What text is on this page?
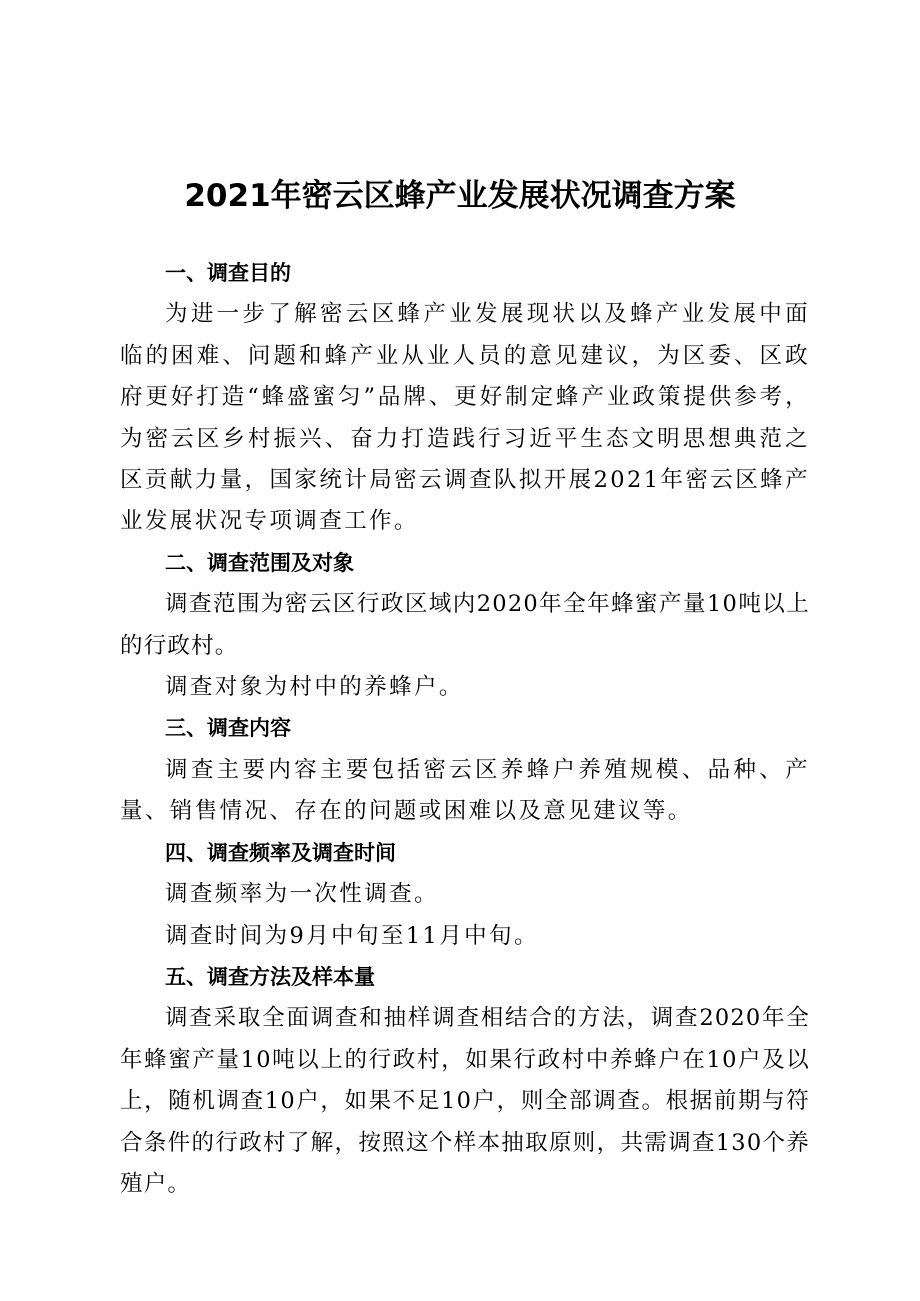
2021年密云区蜂产业发展状况调查方案
一、调查目的

为进一步了解密云区蜂产业发展现状以及蜂产业发展中面临的困难、问题和蜂产业从业人员的意见建议，为区委、区政府更好打造“蜂盛蜜匀”品牌、更好制定蜂产业政策提供参考，为密云区乡村振兴、奋力打造践行习近平生态文明思想典范之区贡献力量，国家统计局密云调查队拟开展2021年密云区蜂产业发展状况专项调查工作。

二、调查范围及对象

调查范围为密云区行政区域内2020年全年蜂蜜产量10吨以上的行政村。

调查对象为村中的养蜂户。

三、调查内容

调查主要内容主要包括密云区养蜂户养殖规模、品种、产量、销售情况、存在的问题或困难以及意见建议等。

四、调查频率及调查时间

调查频率为一次性调查。

调查时间为9月中旬至11月中旬。

五、调查方法及样本量

调查采取全面调查和抽样调查相结合的方法，调查2020年全年蜂蜜产量10吨以上的行政村，如果行政村中养蜂户在10户及以上，随机调查10户，如果不足10户，则全部调查。根据前期与符合条件的行政村了解，按照这个样本抽取原则，共需调查130个养殖户。
